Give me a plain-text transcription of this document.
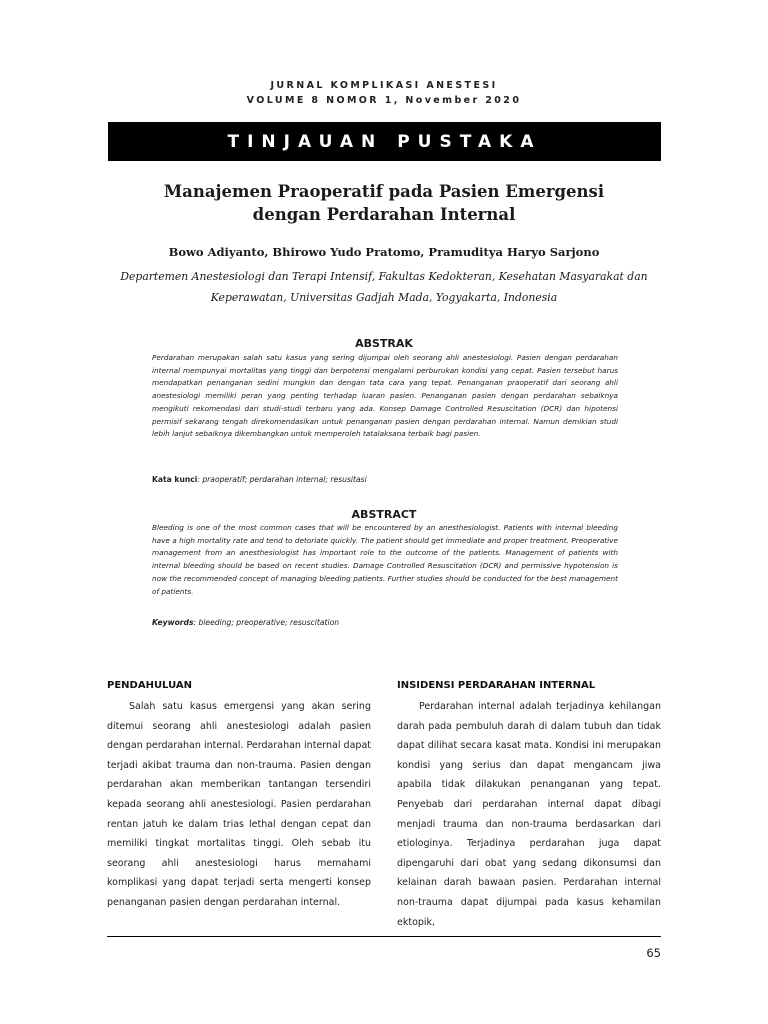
JURNAL KOMPLIKASI ANESTESI
VOLUME 8 NOMOR 1, November 2020
TINJAUAN PUSTAKA
Manajemen Praoperatif pada Pasien Emergensi
dengan Perdarahan Internal
Bowo Adiyanto, Bhirowo Yudo Pratomo, Pramuditya Haryo Sarjono
Departemen Anestesiologi dan Terapi Intensif, Fakultas Kedokteran, Kesehatan Masyarakat dan Keperawatan, Universitas Gadjah Mada, Yogyakarta, Indonesia
ABSTRAK
Perdarahan merupakan salah satu kasus yang sering dijumpai oleh seorang ahli anestesiologi. Pasien dengan perdarahan internal mempunyai mortalitas yang tinggi dan berpotensi mengalami perburukan kondisi yang cepat. Pasien tersebut harus mendapatkan penanganan sedini mungkin dan dengan tata cara yang tepat. Penanganan praoperatif dari seorang ahli anestesiologi memiliki peran yang penting terhadap luaran pasien. Penanganan pasien dengan perdarahan sebaiknya mengikuti rekomendasi dari studi-studi terbaru yang ada. Konsep Damage Controlled Resuscitation (DCR) dan hipotensi permisif sekarang tengah direkomendasikan untuk penanganan pasien dengan perdarahan internal. Namun demikian studi lebih lanjut sebaiknya dikembangkan untuk memperoleh tatalaksana terbaik bagi pasien.
Kata kunci: praoperatif; perdarahan internal; resusitasi
ABSTRACT
Bleeding is one of the most common cases that will be encountered by an anesthesiologist. Patients with internal bleeding have a high mortality rate and tend to detoriate quickly. The patient should get immediate and proper treatment. Preoperative management from an anesthesiologist has important role to the outcome of the patients. Management of patients with internal bleeding should be based on recent studies. Damage Controlled Resuscitation (DCR) and permissive hypotension is now the recommended concept of managing bleeding patients. Further studies should be conducted for the best management of patients.
Keywords: bleeding; preoperative; resuscitation
PENDAHULUAN
Salah satu kasus emergensi yang akan sering ditemui seorang ahli anestesiologi adalah pasien dengan perdarahan internal. Perdarahan internal dapat terjadi akibat trauma dan non-trauma. Pasien dengan perdarahan akan memberikan tantangan tersendiri kepada seorang ahli anestesiologi. Pasien perdarahan rentan jatuh ke dalam trias lethal dengan cepat dan memiliki tingkat mortalitas tinggi. Oleh sebab itu seorang ahli anestesiologi harus memahami komplikasi yang dapat terjadi serta mengerti konsep penanganan pasien dengan perdarahan internal.
INSIDENSI PERDARAHAN INTERNAL
Perdarahan internal adalah terjadinya kehilangan darah pada pembuluh darah di dalam tubuh dan tidak dapat dilihat secara kasat mata. Kondisi ini merupakan kondisi yang serius dan dapat mengancam jiwa apabila tidak dilakukan penanganan yang tepat. Penyebab dari perdarahan internal dapat dibagi menjadi trauma dan non-trauma berdasarkan dari etiologinya. Terjadinya perdarahan juga dapat dipengaruhi dari obat yang sedang dikonsumsi dan kelainan darah bawaan pasien. Perdarahan internal non-trauma dapat dijumpai pada kasus kehamilan ektopik,
65
